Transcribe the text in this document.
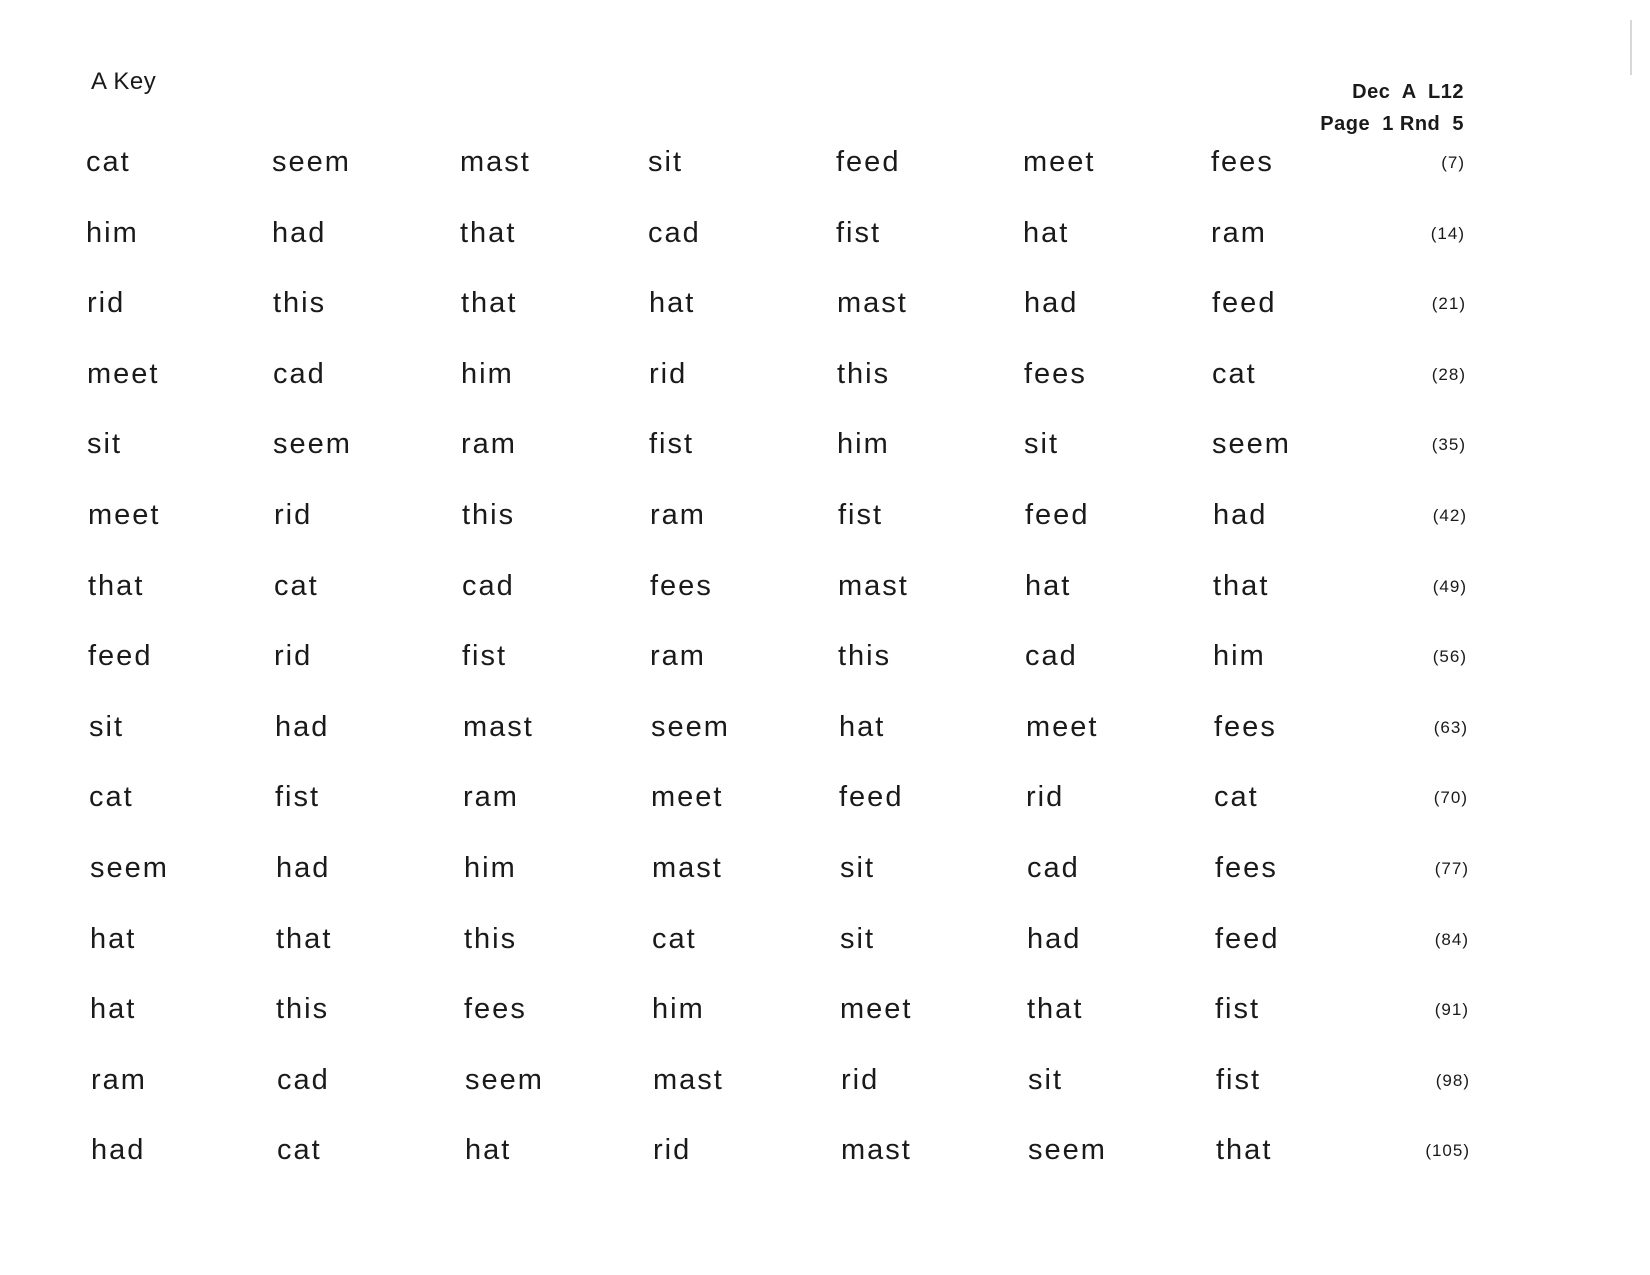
A Key	Dec  A  L12
Page  1 Rnd  5
cat	seem	mast	sit	feed	meet	fees	(7)
him	had	that	cad	fist	hat	ram	(14)
rid	this	that	hat	mast	had	feed	(21)
meet	cad	him	rid	this	fees	cat	(28)
sit	seem	ram	fist	him	sit	seem	(35)
meet	rid	this	ram	fist	feed	had	(42)
that	cat	cad	fees	mast	hat	that	(49)
feed	rid	fist	ram	this	cad	him	(56)
sit	had	mast	seem	hat	meet	fees	(63)
cat	fist	ram	meet	feed	rid	cat	(70)
seem	had	him	mast	sit	cad	fees	(77)
hat	that	this	cat	sit	had	feed	(84)
hat	this	fees	him	meet	that	fist	(91)
ram	cad	seem	mast	rid	sit	fist	(98)
had	cat	hat	rid	mast	seem	that	(105)
